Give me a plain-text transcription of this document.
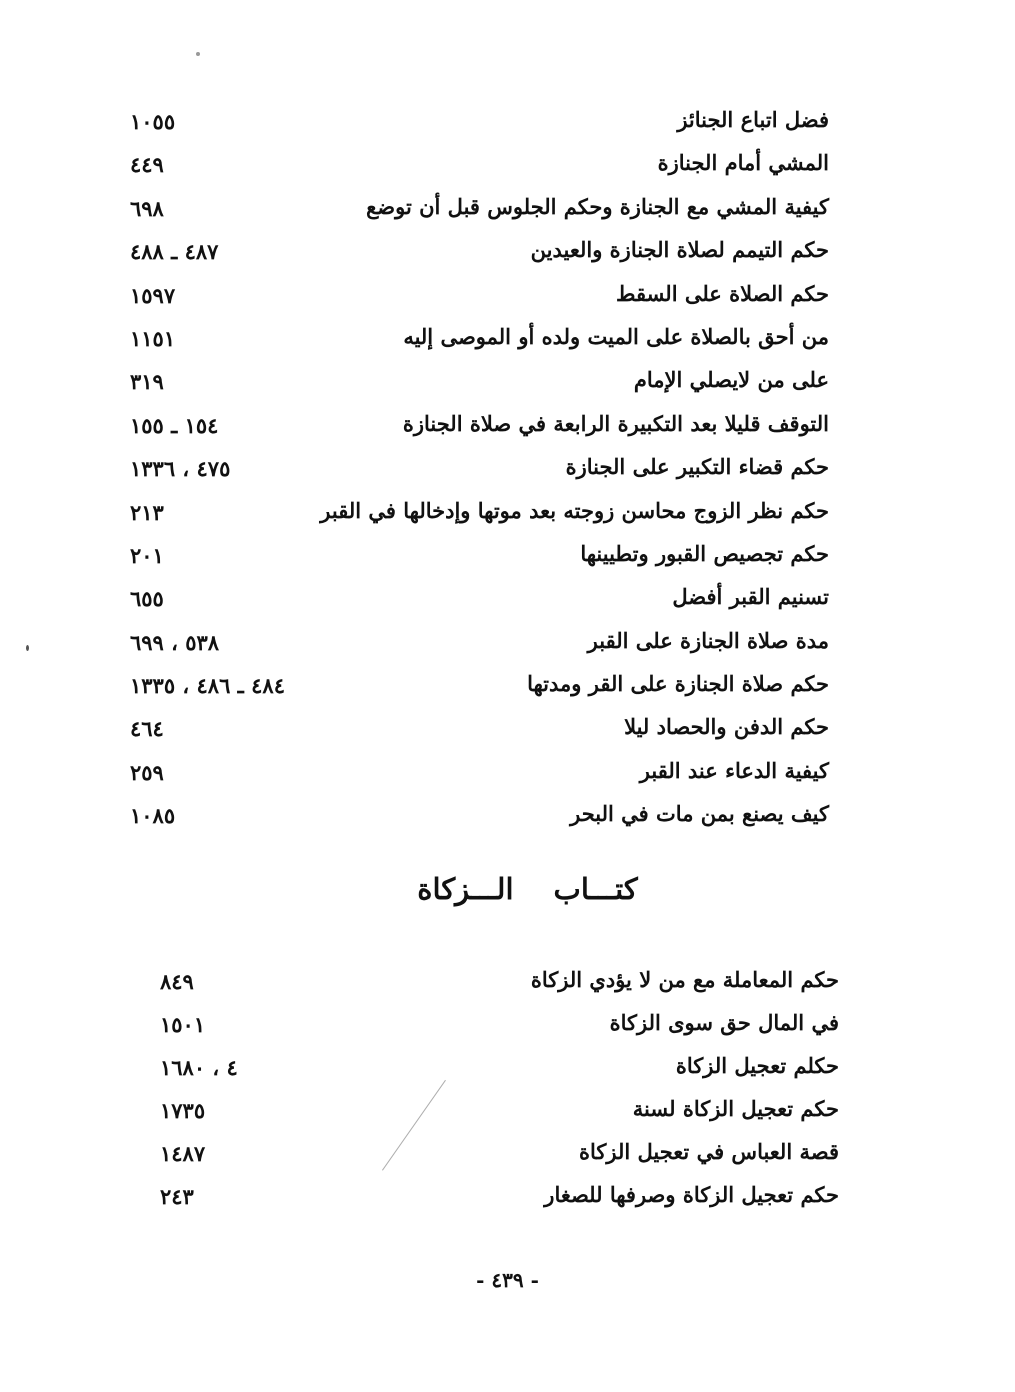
فضل اتباع الجنائز
١٠٥٥
المشي أمام الجنازة
٤٤٩
كيفية المشي مع الجنازة وحكم الجلوس قبل أن توضع
٦٩٨
حكم التيمم لصلاة الجنازة والعيدين
٤٨٧ ـ ٤٨٨
حكم الصلاة على السقط
١٥٩٧
من أحق بالصلاة على الميت ولده أو الموصى إليه
١١٥١
على من لايصلي الإمام
٣١٩
التوقف قليلا بعد التكبيرة الرابعة في صلاة الجنازة
١٥٤ ـ ١٥٥
حكم قضاء التكبير على الجنازة
٤٧٥ ، ١٣٣٦
حكم نظر الزوج محاسن زوجته بعد موتها وإدخالها في القبر
٢١٣
حكم تجصيص القبور وتطيينها
٢٠١
تسنيم القبر أفضل
٦٥٥
مدة صلاة الجنازة على القبر
٥٣٨ ، ٦٩٩
حكم صلاة الجنازة على القر ومدتها
٤٨٤ ـ ٤٨٦ ، ١٣٣٥
حكم الدفن والحصاد ليلا
٤٦٤
كيفية الدعاء عند القبر
٢٥٩
كيف يصنع بمن مات في البحر
١٠٨٥
كتـــابالـــزكاة
حكم المعاملة مع من لا يؤدي الزكاة
٨٤٩
في المال حق سوى الزكاة
١٥٠١
حكلم تعجيل الزكاة
٤ ، ١٦٨٠
حكم تعجيل الزكاة لسنة
١٧٣٥
قصة العباس في تعجيل الزكاة
١٤٨٧
حكم تعجيل الزكاة وصرفها للصغار
٢٤٣
- ٤٣٩ -
